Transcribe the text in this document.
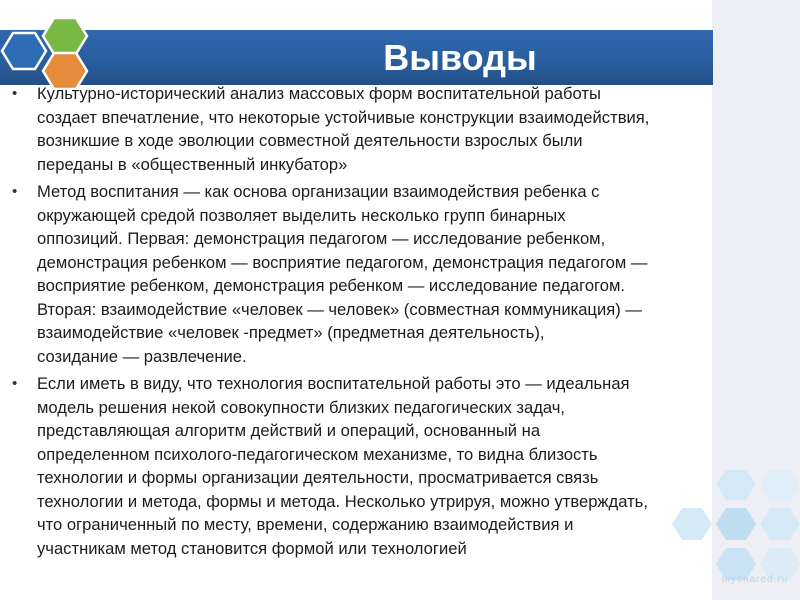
Выводы
• Культурно-исторический анализ массовых форм воспитательной работы
создает впечатление, что некоторые устойчивые конструкции взаимодействия,
возникшие в ходе эволюции совместной деятельности взрослых были
переданы в «общественный инкубатор»
• Метод воспитания — как основа организации взаимодействия ребенка с
окружающей средой позволяет выделить несколько групп бинарных
оппозиций. Первая: демонстрация педагогом — исследование ребенком,
демонстрация ребенком — восприятие педагогом, демонстрация педагогом —
восприятие ребенком, демонстрация ребенком — исследование педагогом.
Вторая: взаимодействие «человек — человек» (совместная коммуникация) —
взаимодействие «человек -предмет» (предметная деятельность),
созидание — развлечение.
• Если иметь в виду, что технология воспитательной работы это — идеальная
модель решения некой совокупности близких педагогических задач,
представляющая алгоритм действий и операций, основанный на
определенном психолого-педагогическом механизме, то видна близость
технологии и формы организации деятельности, просматривается связь
технологии и метода, формы и метода. Несколько утрируя, можно утверждать,
что ограниченный по месту, времени, содержанию взаимодействия и
участникам метод становится формой или технологией
myshared.ru
